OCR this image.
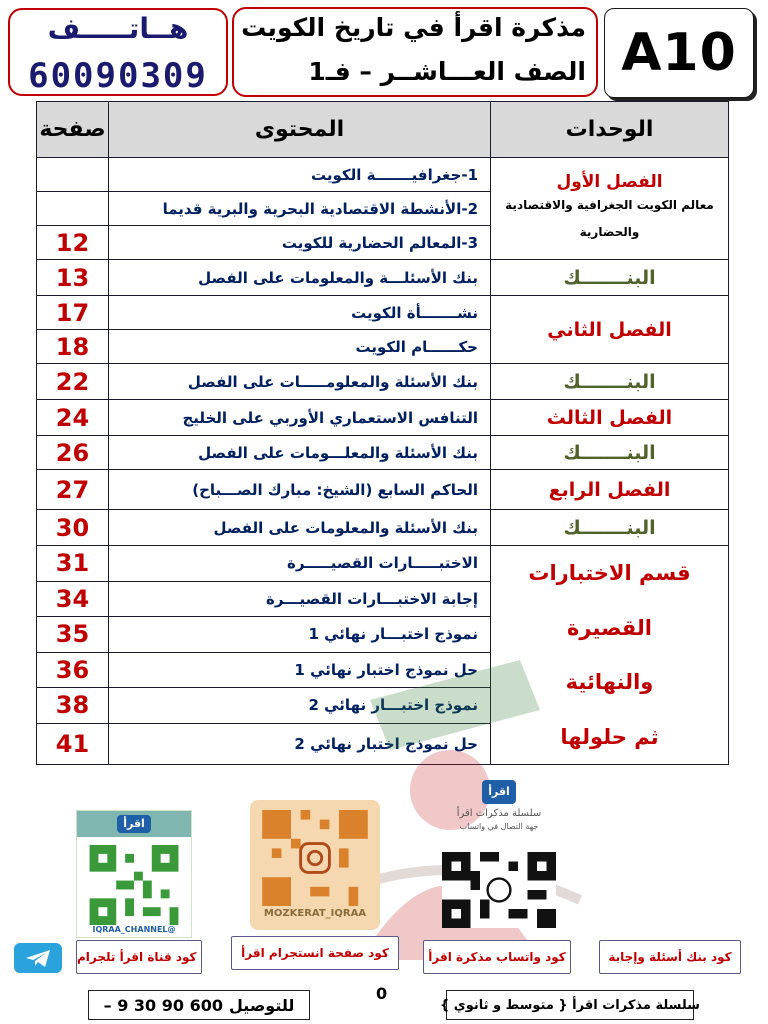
A10
مذكرة اقرأ في تاريخ الكويت
الصف العـــاشــر – فـ1
هــاتـــــف
60090309
صفحة	المحتوى	الوحدات
	1-جغرافيـــــــة الكويت	الفصل الأول
معالم الكويت الجغرافية والاقتصادية
والحضارية

	2-الأنشطة الاقتصادية البحرية والبرية قديما	
12	3-المعالم الحضارية للكويت	
13	بنك الأسئلـــة والمعلومات على الفصل	البنـــــــك
17	نشـــــــأة الكويت	الفصل الثاني
18	حكــــــام الكويت	
22	بنك الأسئلة والمعلومـــــات على الفصل	البنـــــــك
24	التنافس الاستعماري الأوربي على الخليج	الفصل الثالث
26	بنك الأسئلة والمعلـــومات على الفصل	البنـــــــك
27	الحاكم السابع (الشيخ: مبارك الصـــباح)	الفصل الرابع
30	بنك الأسئلة والمعلومات على الفصل	البنـــــــك
31	الاختبـــــارات القصيـــــرة	قسم الاختبارات القصيرة
والنهائية
ثم حلولها

34	إجابة الاختبـــارات القصيـــرة	
35	نموذج اختبـــار نهائي 1	
36	حل نموذج اختبار نهائي 1	
38	نموذج اختبـــار نهائي 2	
41	حل نموذج اختبار نهائي 2	
اقرأ
@IQRAA_CHANNEL
MOZKERAT_IQRAA
اقرأ
سلسلة مذكرات اقرأ
جهة التصال في واتساب
كود بنك أسئلة وإجابة
كود واتساب مذكرة اقرأ
كود صفحة انستجرام اقرأ
كود قناة اقرأ تلجرام
0
للتوصيل
600 90 30 9 –	سلسلة مذكرات اقرأ { متوسط و ثانوي }
